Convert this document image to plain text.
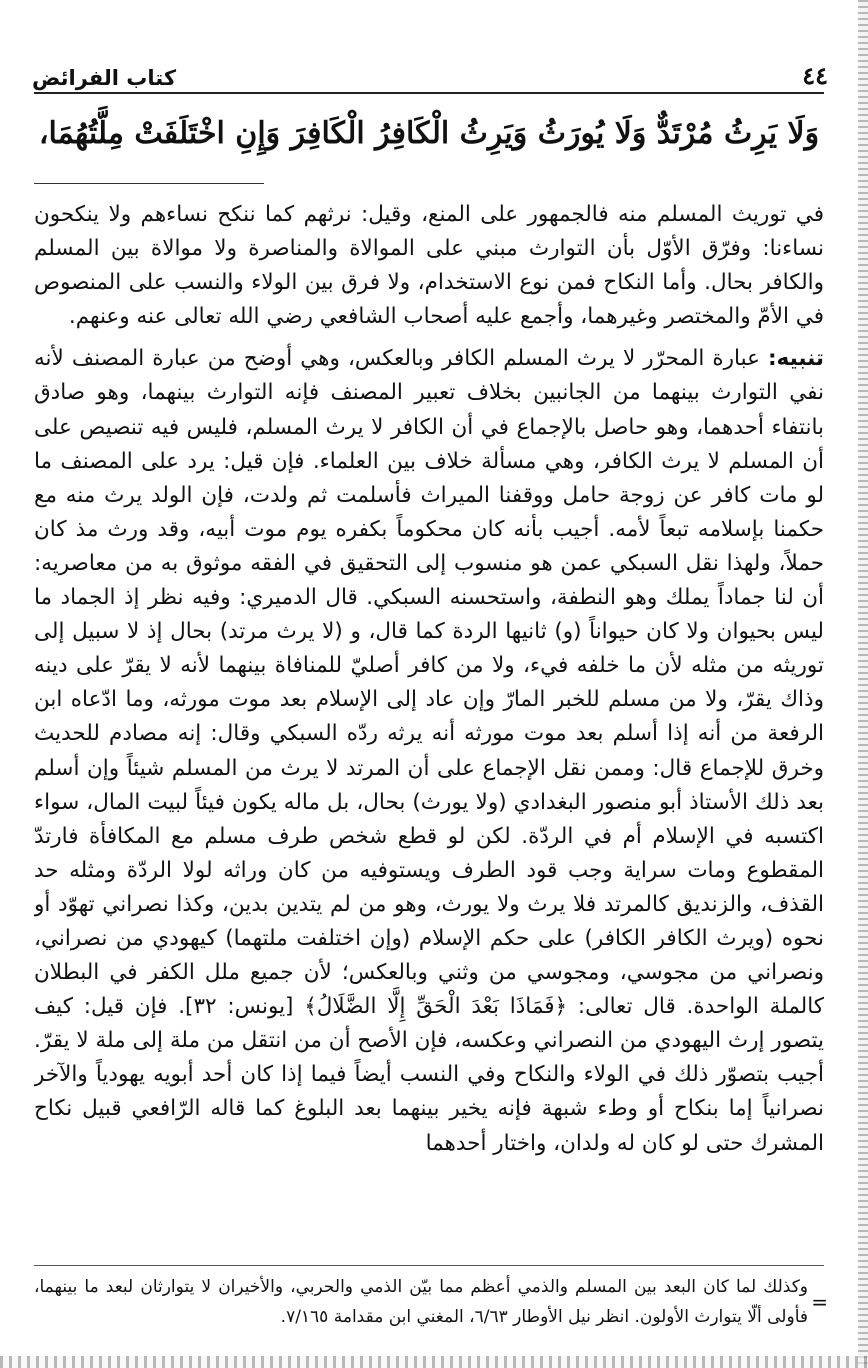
٤٤
كتاب الفرائض
وَلَا يَرِثُ مُرْتَدٌّ وَلَا يُورَثُ وَيَرِثُ الْكَافِرُ الْكَافِرَ وَإِنِ اخْتَلَفَتْ مِلَّتُهُمَا،

في توريث المسلم منه فالجمهور على المنع، وقيل: نرثهم كما ننكح نساءهم ولا ينكحون نساءنا: وفرّق الأوّل بأن التوارث مبني على الموالاة والمناصرة ولا موالاة بين المسلم والكافر بحال. وأما النكاح فمن نوع الاستخدام، ولا فرق بين الولاء والنسب على المنصوص في الأمّ والمختصر وغيرهما، وأجمع عليه أصحاب الشافعي رضي الله تعالى عنه وعنهم.

تنبيه: عبارة المحرّر لا يرث المسلم الكافر وبالعكس، وهي أوضح من عبارة المصنف لأنه نفي التوارث بينهما من الجانبين بخلاف تعبير المصنف فإنه التوارث بينهما، وهو صادق بانتفاء أحدهما، وهو حاصل بالإجماع في أن الكافر لا يرث المسلم، فليس فيه تنصيص على أن المسلم لا يرث الكافر، وهي مسألة خلاف بين العلماء. فإن قيل: يرد على المصنف ما لو مات كافر عن زوجة حامل ووقفنا الميراث فأسلمت ثم ولدت، فإن الولد يرث منه مع حكمنا بإسلامه تبعاً لأمه. أجيب بأنه كان محكوماً بكفره يوم موت أبيه، وقد ورث مذ كان حملاً، ولهذا نقل السبكي عمن هو منسوب إلى التحقيق في الفقه موثوق به من معاصريه: أن لنا جماداً يملك وهو النطفة، واستحسنه السبكي. قال الدميري: وفيه نظر إذ الجماد ما ليس بحيوان ولا كان حيواناً (و) ثانيها الردة كما قال، و (لا يرث مرتد) بحال إذ لا سبيل إلى توريثه من مثله لأن ما خلفه فيء، ولا من كافر أصليّ للمنافاة بينهما لأنه لا يقرّ على دينه وذاك يقرّ، ولا من مسلم للخبر المارّ وإن عاد إلى الإسلام بعد موت مورثه، وما ادّعاه ابن الرفعة من أنه إذا أسلم بعد موت مورثه أنه يرثه ردّه السبكي وقال: إنه مصادم للحديث وخرق للإجماع قال: وممن نقل الإجماع على أن المرتد لا يرث من المسلم شيئاً وإن أسلم بعد ذلك الأستاذ أبو منصور البغدادي (ولا يورث) بحال، بل ماله يكون فيئاً لبيت المال، سواء اكتسبه في الإسلام أم في الردّة. لكن لو قطع شخص طرف مسلم مع المكافأة فارتدّ المقطوع ومات سراية وجب قود الطرف ويستوفيه من كان وراثه لولا الردّة ومثله حد القذف، والزنديق كالمرتد فلا يرث ولا يورث، وهو من لم يتدين بدين، وكذا نصراني تهوّد أو نحوه (ويرث الكافر الكافر) على حكم الإسلام (وإن اختلفت ملتهما) كيهودي من نصراني، ونصراني من مجوسي، ومجوسي من وثني وبالعكس؛ لأن جميع ملل الكفر في البطلان كالملة الواحدة. قال تعالى: ﴿فَمَاذَا بَعْدَ الْحَقِّ إِلَّا الضَّلَالُ﴾ [يونس: ٣٢]. فإن قيل: كيف يتصور إرث اليهودي من النصراني وعكسه، فإن الأصح أن من انتقل من ملة إلى ملة لا يقرّ. أجيب بتصوّر ذلك في الولاء والنكاح وفي النسب أيضاً فيما إذا كان أحد أبويه يهودياً والآخر نصرانياً إما بنكاح أو وطء شبهة فإنه يخير بينهما بعد البلوغ كما قاله الرّافعي قبيل نكاح المشرك حتى لو كان له ولدان، واختار أحدهما

=
وكذلك لما كان البعد بين المسلم والذمي أعظم مما بيّن الذمي والحربي، والأخيران لا يتوارثان لبعد ما بينهما، فأولى ألّا يتوارث الأولون. انظر نيل الأوطار ٦/٦٣، المغني ابن مقدامة ٧/١٦٥.
